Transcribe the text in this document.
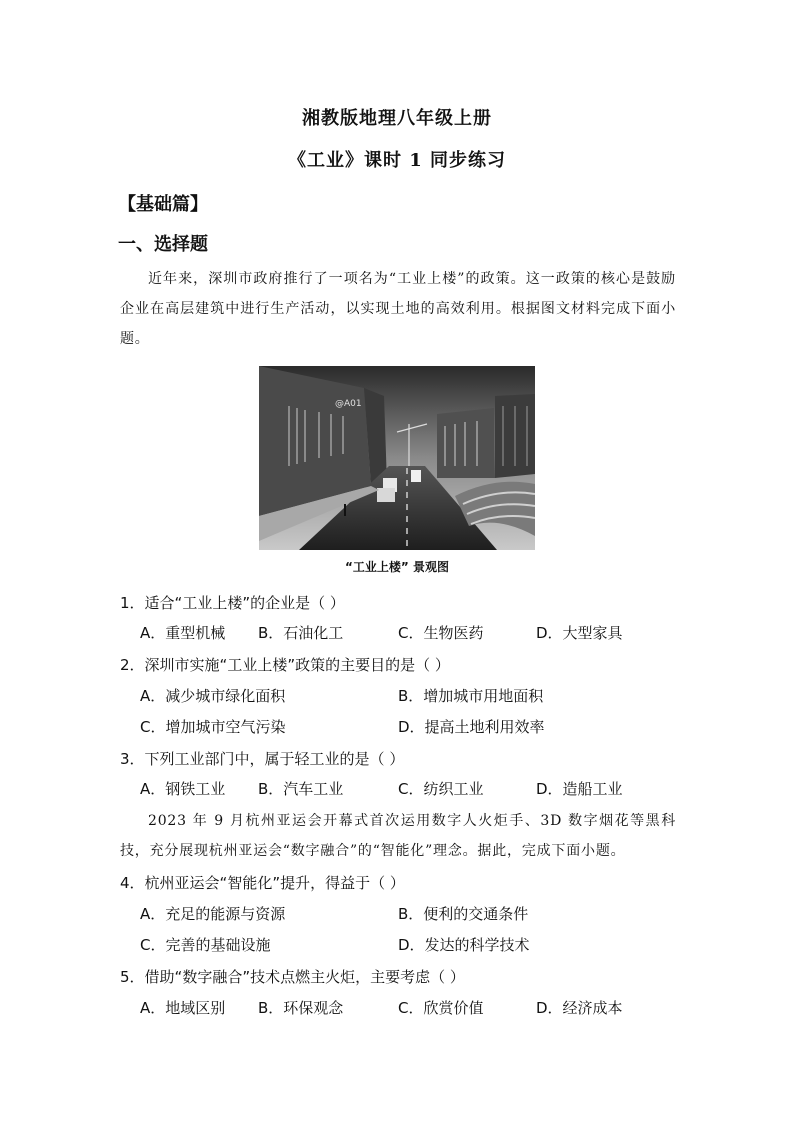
湘教版地理八年级上册
《工业》课时 1 同步练习
【基础篇】
一、选择题
近年来，深圳市政府推行了一项名为“工业上楼”的政策。这一政策的核心是鼓励企业在高层建筑中进行生产活动，以实现土地的高效利用。根据图文材料完成下面小题。
@A01
“工业上楼” 景观图
1．适合“工业上楼”的企业是（ ）
A．重型机械 B．石油化工	C．生物医药	D．大型家具
2．深圳市实施“工业上楼”政策的主要目的是（ ）
A．减少城市绿化面积	B．增加城市用地面积
C．增加城市空气污染	D．提高土地利用效率
3．下列工业部门中，属于轻工业的是（ ）
A．钢铁工业 B．汽车工业	C．纺织工业	D．造船工业
2023 年 9 月杭州亚运会开幕式首次运用数字人火炬手、3D 数字烟花等黑科技，充分展现杭州亚运会“数字融合”的“智能化”理念。据此，完成下面小题。
4．杭州亚运会“智能化”提升，得益于（ ）
A．充足的能源与资源	B．便利的交通条件
C．完善的基础设施	D．发达的科学技术
5．借助“数字融合”技术点燃主火炬，主要考虑（ ）
A．地域区别 B．环保观念	C．欣赏价值	D．经济成本
